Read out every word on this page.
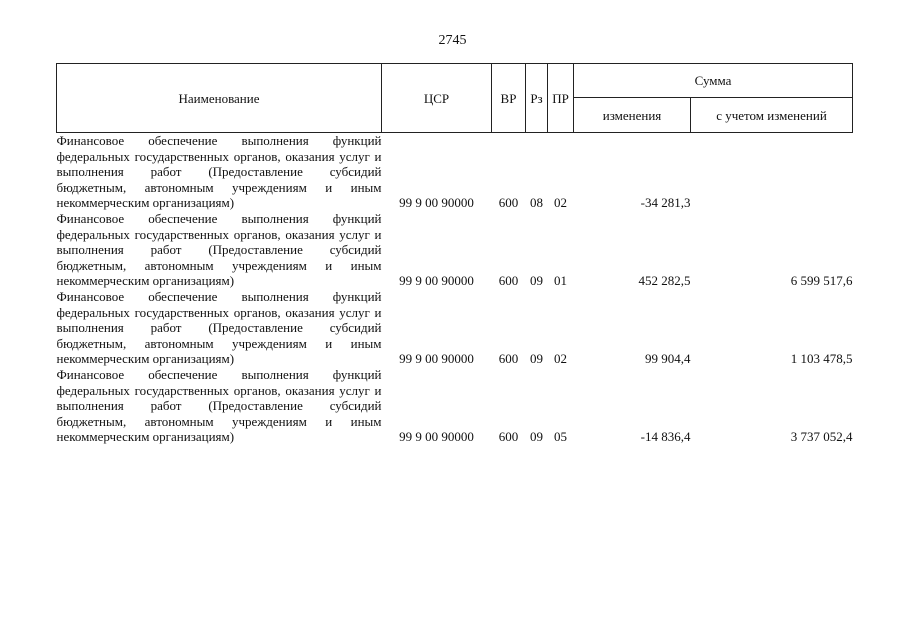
2745
Наименование	ЦСР	ВР	Рз	ПР	Сумма	
					изменения	с учетом изменений
Финансовое обеспечение выполнения функций федеральных государственных органов, оказания услуг и выполнения работ (Предоставление субсидий бюджетным, автономным учреждениям и иным некоммерческим организациям)	99 9 00 90000	600	08	02	-34 281,3	
Финансовое обеспечение выполнения функций федеральных государственных органов, оказания услуг и выполнения работ (Предоставление субсидий бюджетным, автономным учреждениям и иным некоммерческим организациям)	99 9 00 90000	600	09	01	452 282,5	6 599 517,6
Финансовое обеспечение выполнения функций федеральных государственных органов, оказания услуг и выполнения работ (Предоставление субсидий бюджетным, автономным учреждениям и иным некоммерческим организациям)	99 9 00 90000	600	09	02	99 904,4	1 103 478,5
Финансовое обеспечение выполнения функций федеральных государственных органов, оказания услуг и выполнения работ (Предоставление субсидий бюджетным, автономным учреждениям и иным некоммерческим организациям)	99 9 00 90000	600	09	05	-14 836,4	3 737 052,4
